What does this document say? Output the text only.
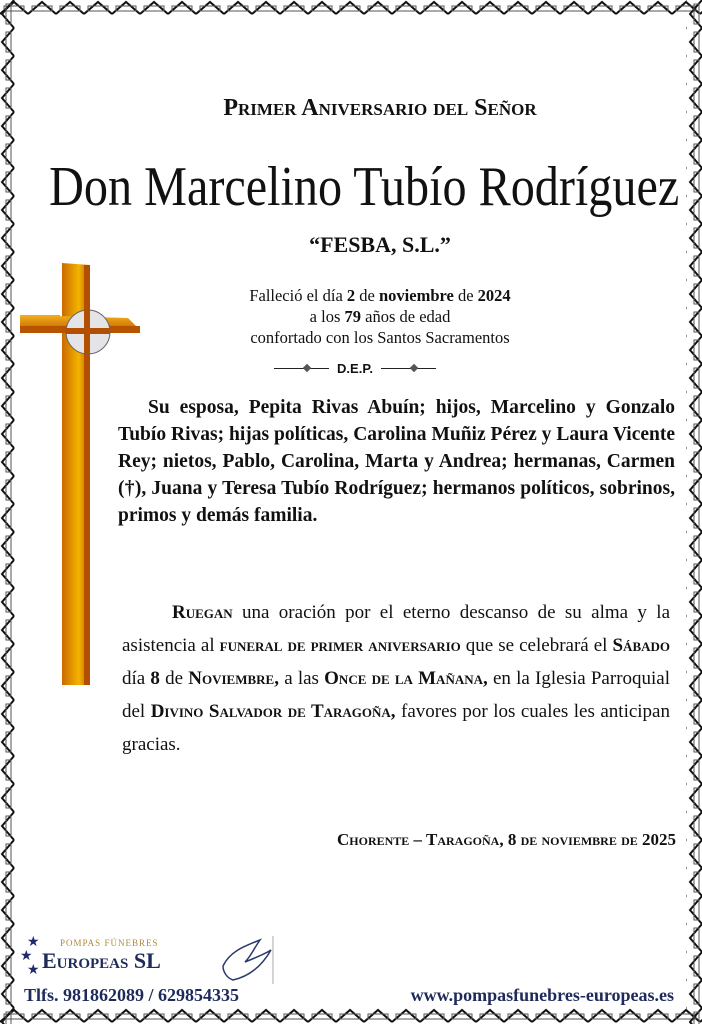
Primer Aniversario del Señor
Don Marcelino Tubío Rodríguez
“FESBA, S.L.”
Falleció el día 2 de noviembre de 2024
a los 79 años de edad
confortado con los Santos Sacramentos
D.E.P.
Su esposa, Pepita Rivas Abuín; hijos, Marcelino y Gonzalo Tubío Rivas; hijas políticas, Carolina Muñiz Pérez y Laura Vicente Rey; nietos, Pablo, Carolina, Marta y Andrea; hermanas, Carmen (†), Juana y Teresa Tubío Rodríguez; hermanos políticos, sobrinos, primos y demás familia.
Ruegan una oración por el eterno descanso de su alma y la asistencia al funeral de primer aniversario que se celebrará el Sábado día 8 de Noviembre, a las Once de la Mañana, en la Iglesia Parroquial del Divino Salvador de Taragoña, favores por los cuales les anticipan gracias.
Chorente – Taragoña, 8 de noviembre de 2025
★
★
★
POMPAS FÚNEBRES
Europeas SL
Tlfs. 981862089 / 629854335	www.pompasfunebres-europeas.es
